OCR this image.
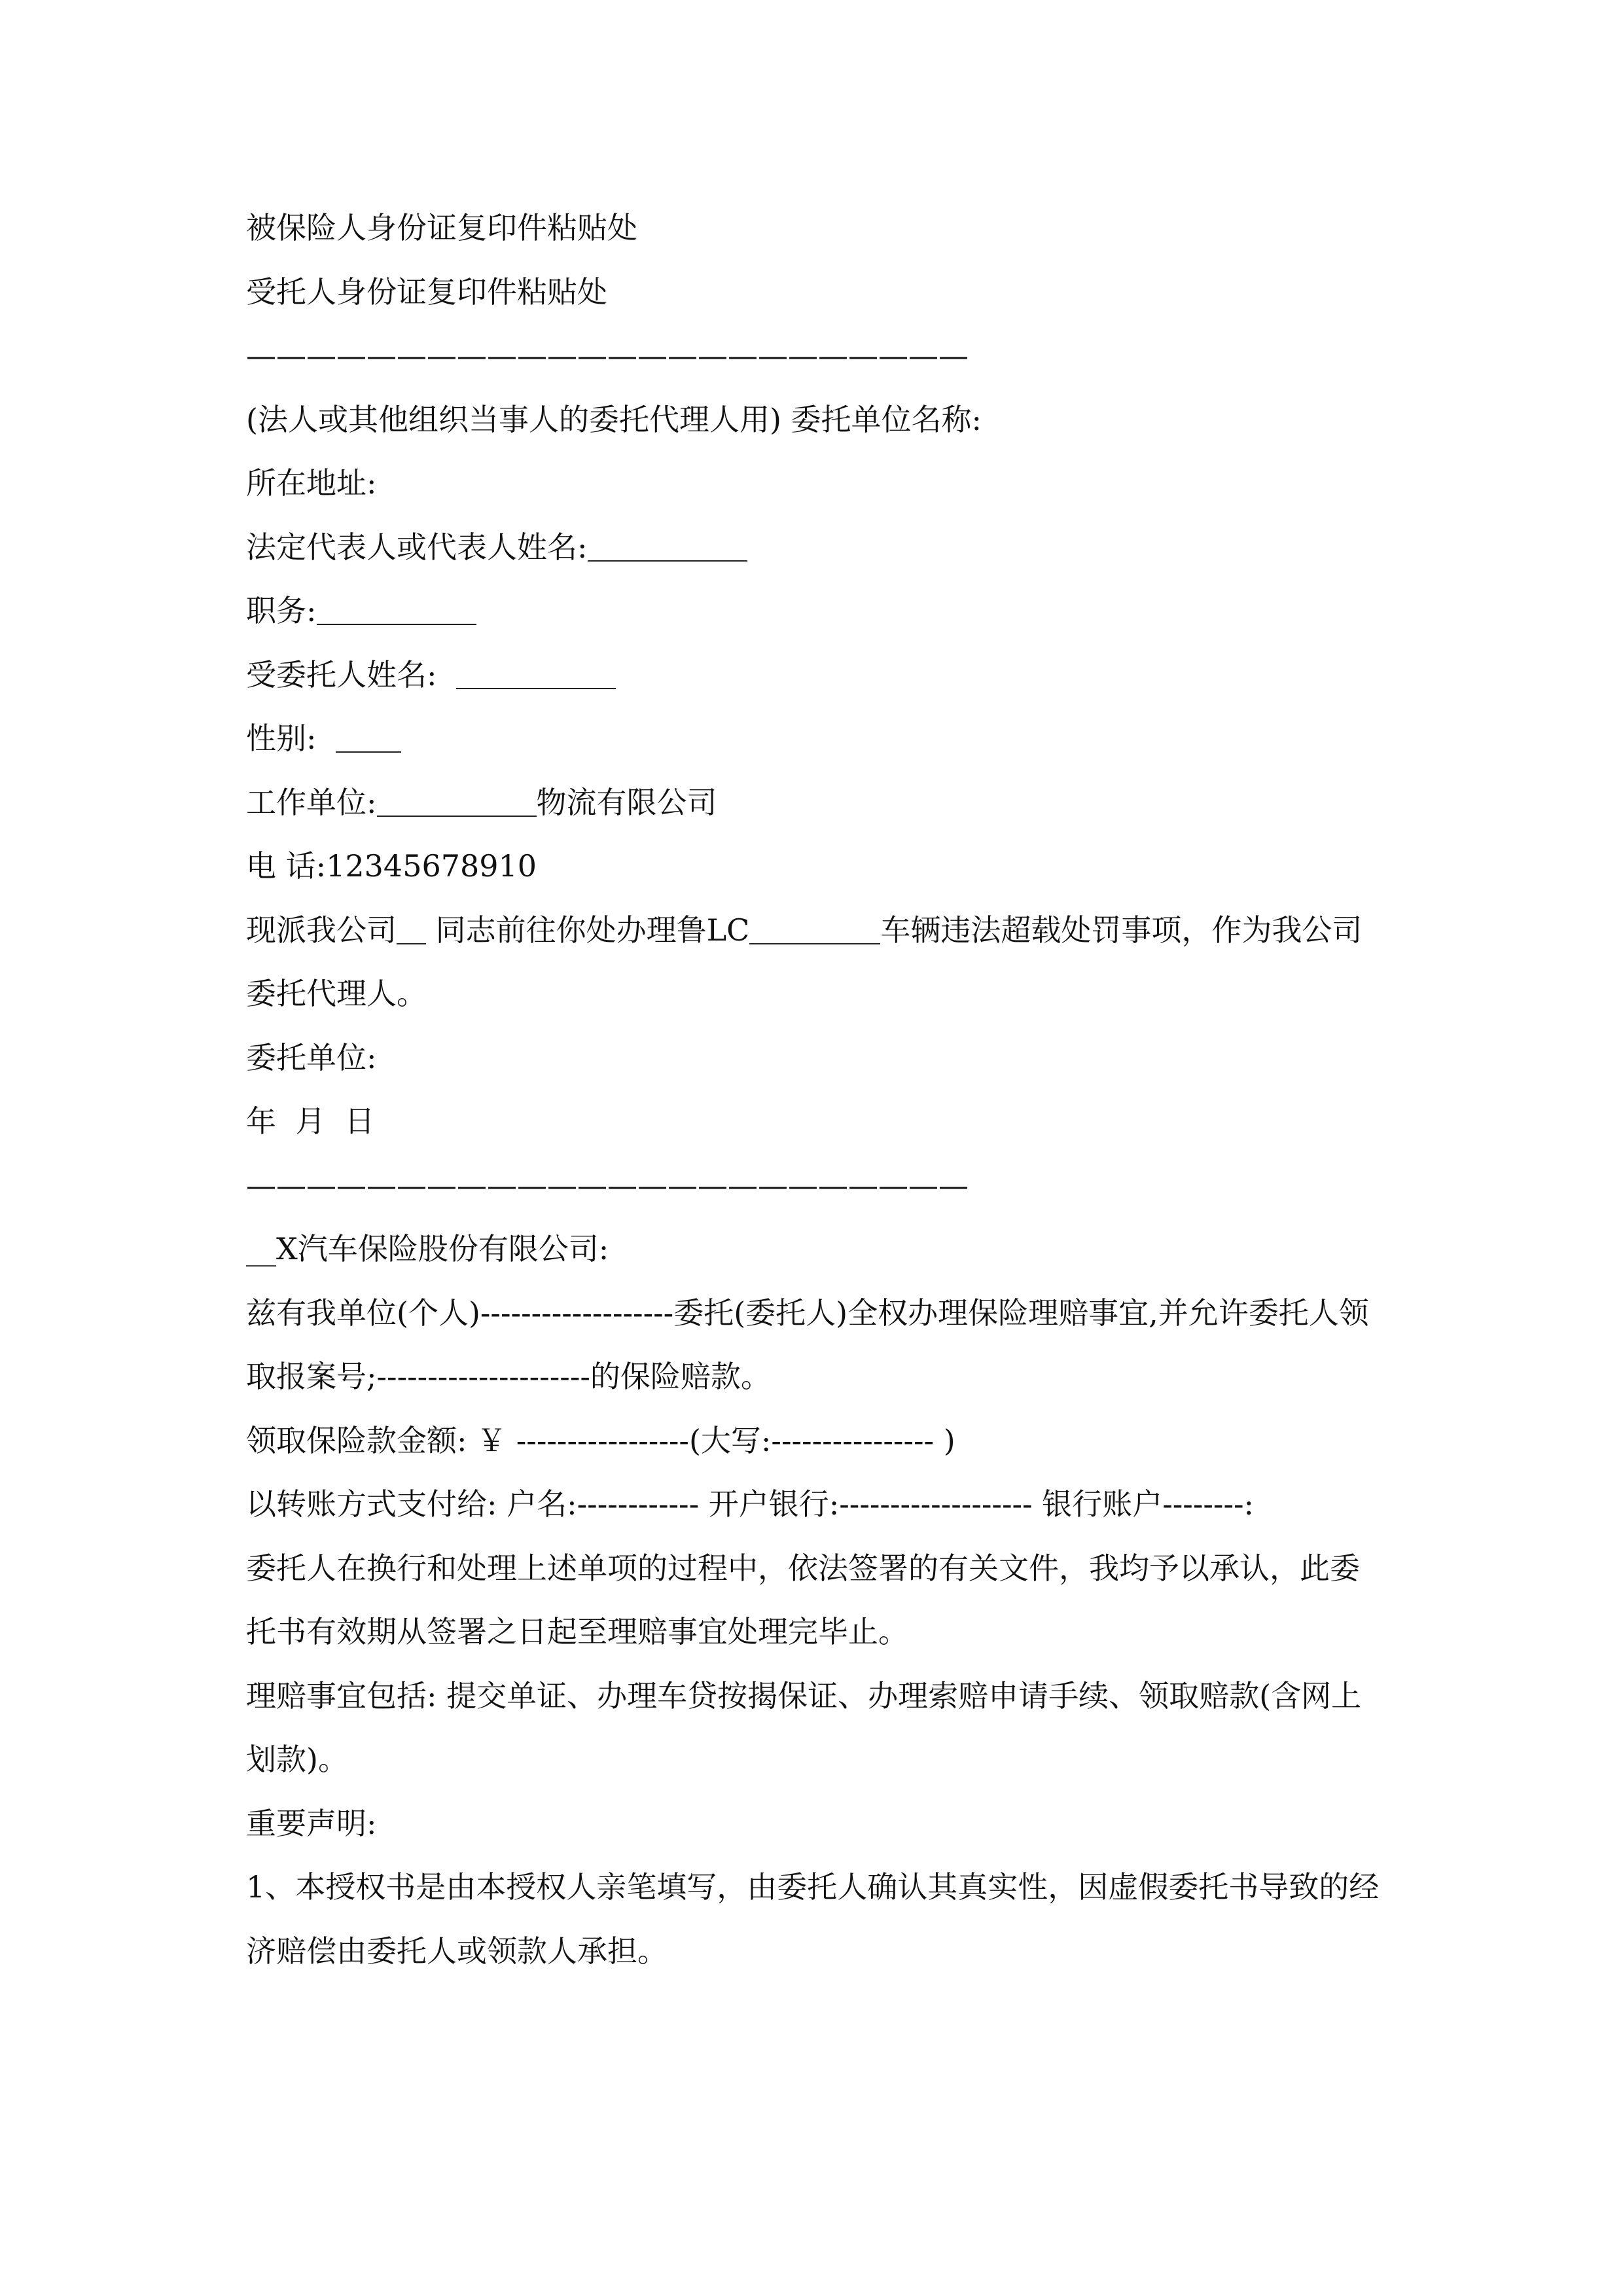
被保险人身份证复印件粘贴处
受托人身份证复印件粘贴处
————————————————————————
(法人或其他组织当事人的委托代理人用) 委托单位名称:
所在地址:
法定代表人或代表人姓名:
职务:
受委托人姓名:
性别:
工作单位:	物流有限公司
电 话:12345678910
现派我公司 同志前往你处办理鲁LC	车辆违法超载处罚事项，作为我公司委托代理人。
委托单位:
年  月  日
————————————————————————
__X汽车保险股份有限公司:
兹有我单位(个人)-------------------委托(委托人)全权办理保险理赔事宜,并允许委托人领取报案号;---------------------的保险赔款。
领取保险款金额: ￥ -----------------(大写:---------------- )
以转账方式支付给: 户名:------------ 开户银行:------------------- 银行账户--------:
委托人在换行和处理上述单项的过程中，依法签署的有关文件，我均予以承认，此委托书有效期从签署之日起至理赔事宜处理完毕止。
理赔事宜包括: 提交单证、办理车贷按揭保证、办理索赔申请手续、领取赔款(含网上划款)。
重要声明:
1、本授权书是由本授权人亲笔填写，由委托人确认其真实性，因虚假委托书导致的经济赔偿由委托人或领款人承担。
